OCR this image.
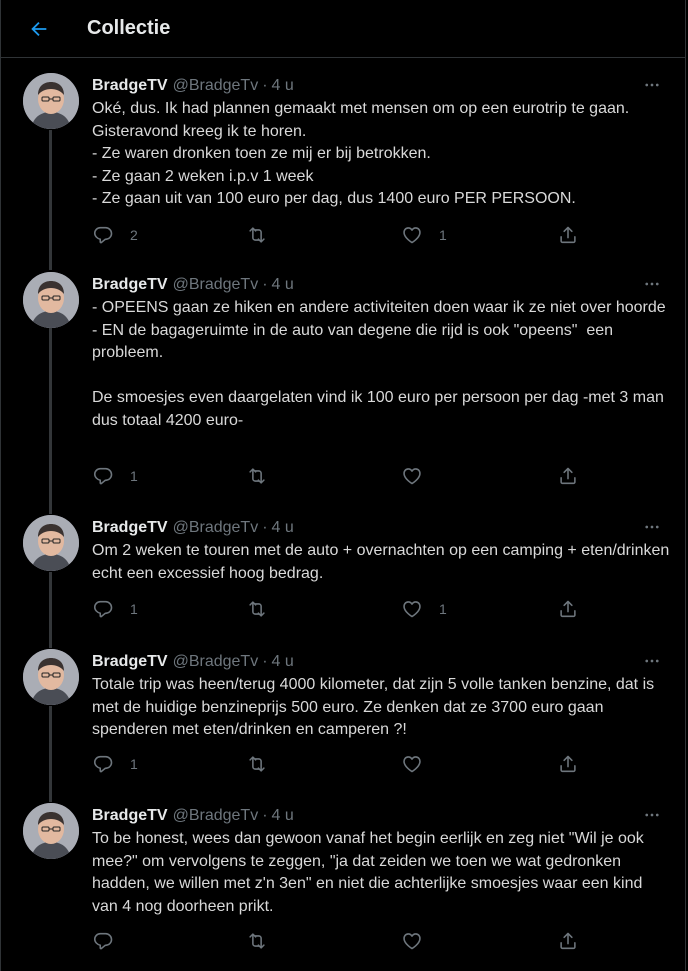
Collectie
BradgeTV @BradgeTv · 4 u
Oké, dus. Ik had plannen gemaakt met mensen om op een eurotrip te gaan. Gisteravond kreeg ik te horen.
- Ze waren dronken toen ze mij er bij betrokken.
- Ze gaan 2 weken i.p.v 1 week
- Ze gaan uit van 100 euro per dag, dus 1400 euro PER PERSOON.
2	1
BradgeTV @BradgeTv · 4 u
- OPEENS gaan ze hiken en andere activiteiten doen waar ik ze niet over hoorde
- EN de bagageruimte in de auto van degene die rijd is ook "opeens"  een probleem.

De smoesjes even daargelaten vind ik 100 euro per persoon per dag -met 3 man dus totaal 4200 euro-
1
BradgeTV @BradgeTv · 4 u
Om 2 weken te touren met de auto + overnachten op een camping + eten/drinken echt een excessief hoog bedrag.
1	1
BradgeTV @BradgeTv · 4 u
Totale trip was heen/terug 4000 kilometer, dat zijn 5 volle tanken benzine, dat is met de huidige benzineprijs 500 euro. Ze denken dat ze 3700 euro gaan spenderen met eten/drinken en camperen ?!
1
BradgeTV @BradgeTv · 4 u
To be honest, wees dan gewoon vanaf het begin eerlijk en zeg niet "Wil je ook mee?" om vervolgens te zeggen, "ja dat zeiden we toen we wat gedronken hadden, we willen met z'n 3en" en niet die achterlijke smoesjes waar een kind van 4 nog doorheen prikt.
